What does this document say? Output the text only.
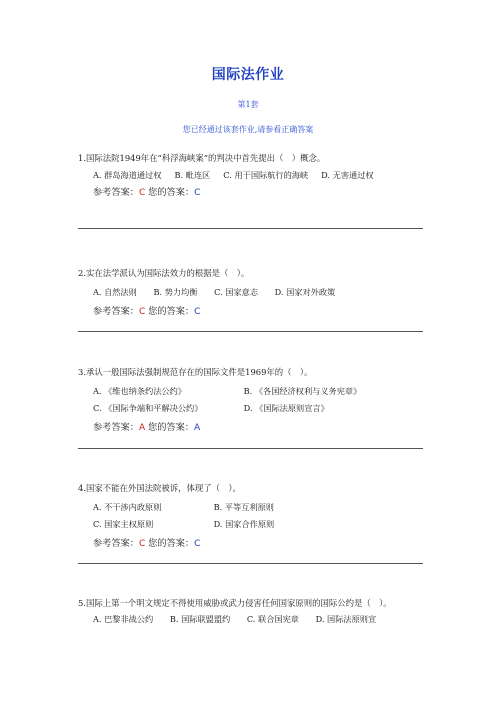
国际法作业
第1套
您已经通过该套作业,请参看正确答案
1.国际法院1949年在“科浮海峡案”的判决中首先提出（　）概念。
A. 群岛海道通过权 B. 毗连区 C. 用于国际航行的海峡 D. 无害通过权
参考答案：C 您的答案：C
2.实在法学派认为国际法效力的根据是（　）。
A. 自然法则 B. 势力均衡 C. 国家意志 D. 国家对外政策
参考答案：C 您的答案：C
3.承认一般国际法强制规范存在的国际文件是1969年的（　）。
A. 《维也纳条约法公约》	B. 《各国经济权利与义务宪章》
C. 《国际争端和平解决公约》	D. 《国际法原则宣言》
参考答案：A 您的答案：A
4.国家不能在外国法院被诉，体现了（　）。
A. 不干涉内政原则	B. 平等互利原则
C. 国家主权原则	D. 国家合作原则
参考答案：C 您的答案：C
5.国际上第一个明文规定不得使用威胁或武力侵害任何国家原则的国际公约是（　）。
A. 巴黎非战公约 B. 国际联盟盟约 C. 联合国宪章 D. 国际法原则宣
